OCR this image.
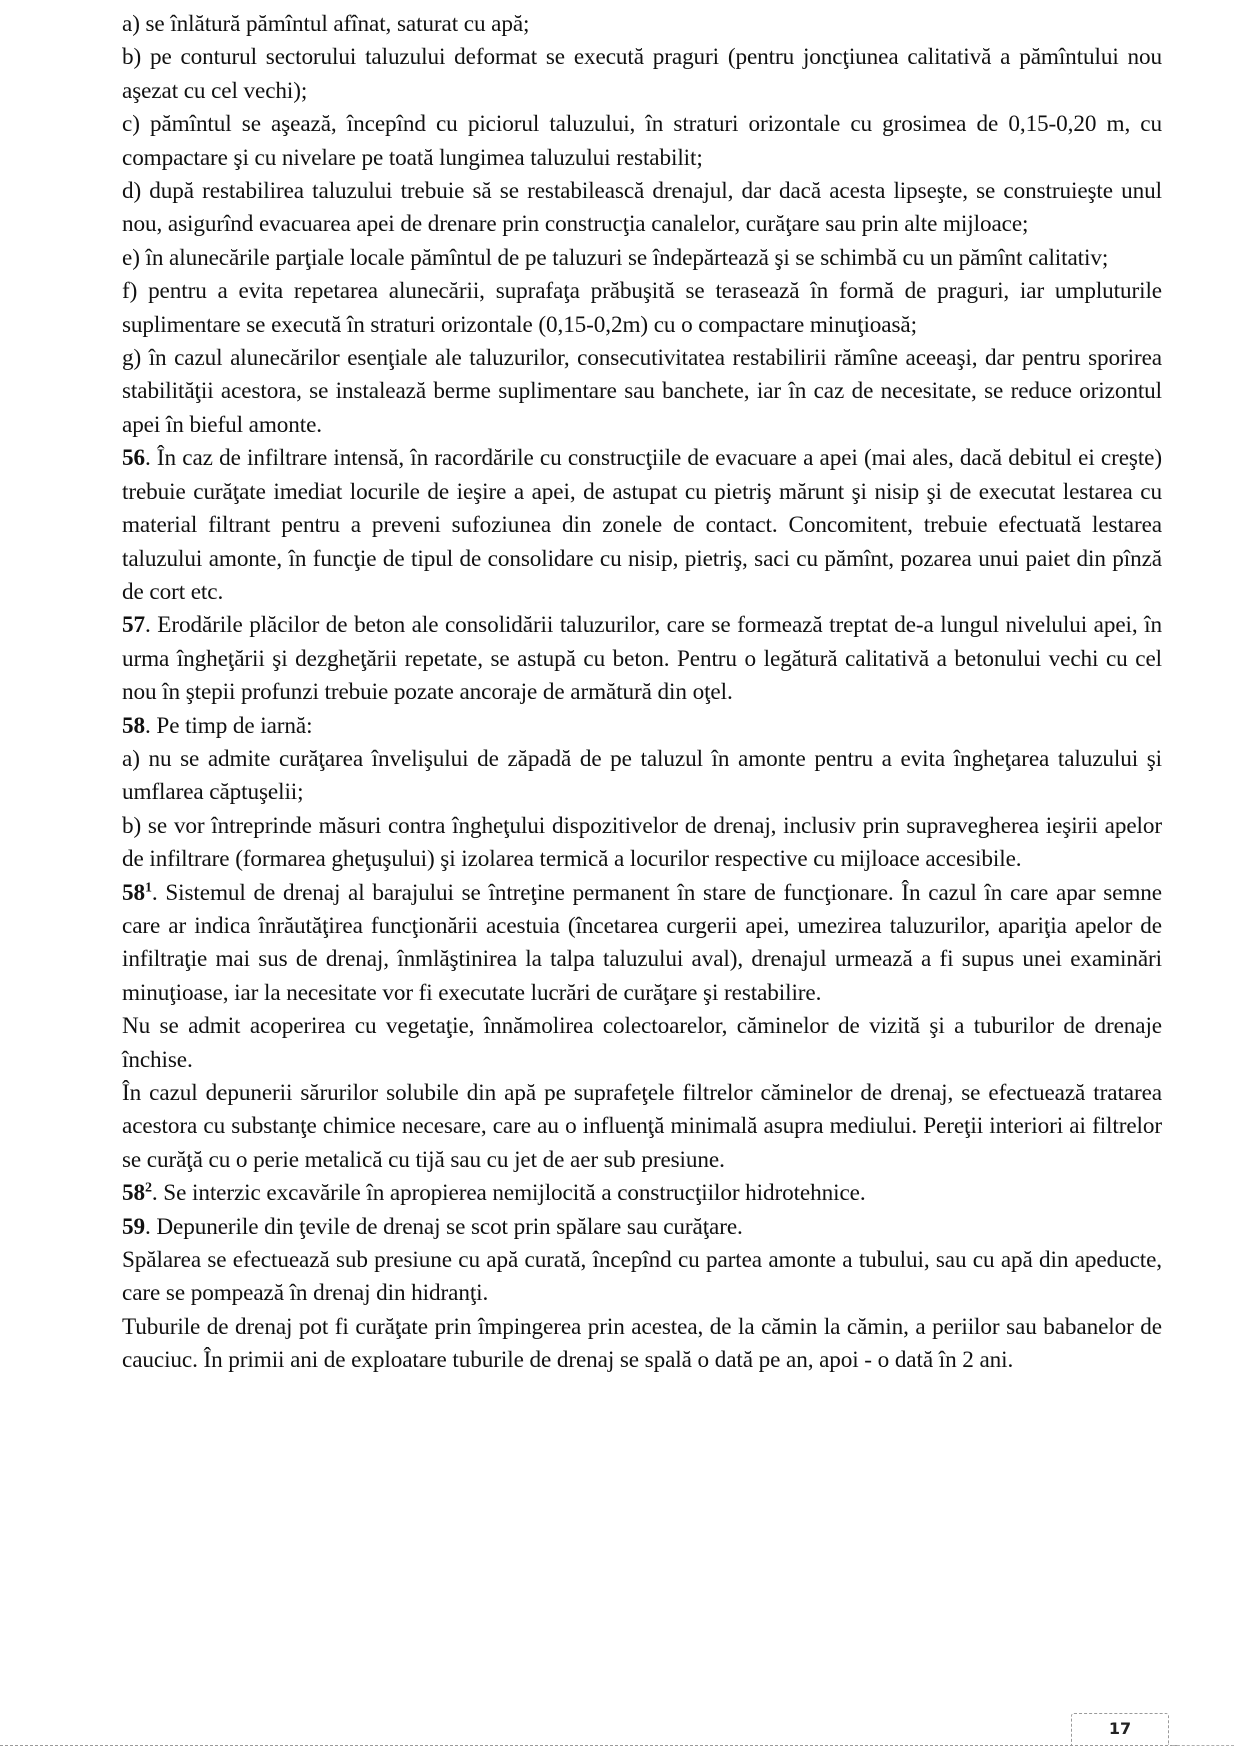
a) se înlătură pămîntul afînat, saturat cu apă;

b) pe conturul sectorului taluzului deformat se execută praguri (pentru joncţiunea calitativă a pămîntului nou aşezat cu cel vechi);

c) pămîntul se aşează, începînd cu piciorul taluzului, în straturi orizontale cu grosimea de 0,15-0,20 m, cu compactare şi cu nivelare pe toată lungimea taluzului restabilit;

d) după restabilirea taluzului trebuie să se restabilească drenajul, dar dacă acesta lipseşte, se construieşte unul nou, asigurînd evacuarea apei de drenare prin construcţia canalelor, curăţare sau prin alte mijloace;

e) în alunecările parţiale locale pămîntul de pe taluzuri se îndepărtează şi se schimbă cu un pămînt calitativ;

f) pentru a evita repetarea alunecării, suprafaţa prăbuşită se terasează în formă de praguri, iar umpluturile suplimentare se execută în straturi orizontale (0,15-0,2m) cu o compactare minuţioasă;

g) în cazul alunecărilor esenţiale ale taluzurilor, consecutivitatea restabilirii rămîne aceeaşi, dar pentru sporirea stabilităţii acestora, se instalează berme suplimentare sau banchete, iar în caz de necesitate, se reduce orizontul apei în bieful amonte.

56. În caz de infiltrare intensă, în racordările cu construcţiile de evacuare a apei (mai ales, dacă debitul ei creşte) trebuie curăţate imediat locurile de ieşire a apei, de astupat cu pietriş mărunt şi nisip şi de executat lestarea cu material filtrant pentru a preveni sufoziunea din zonele de contact. Concomitent, trebuie efectuată lestarea taluzului amonte, în funcţie de tipul de consolidare cu nisip, pietriş, saci cu pămînt, pozarea unui paiet din pînză de cort etc.

57. Erodările plăcilor de beton ale consolidării taluzurilor, care se formează treptat de-a lungul nivelului apei, în urma îngheţării şi dezgheţării repetate, se astupă cu beton. Pentru o legătură calitativă a betonului vechi cu cel nou în ştepii profunzi trebuie pozate ancoraje de armătură din oţel.

58. Pe timp de iarnă:

a) nu se admite curăţarea învelişului de zăpadă de pe taluzul în amonte pentru a evita îngheţarea taluzului şi umflarea căptuşelii;

b) se vor întreprinde măsuri contra îngheţului dispozitivelor de drenaj, inclusiv prin supravegherea ieşirii apelor de infiltrare (formarea gheţuşului) şi izolarea termică a locurilor respective cu mijloace accesibile.

$58^1$. Sistemul de drenaj al barajului se întreţine permanent în stare de funcţionare. În cazul în care apar semne care ar indica înrăutăţirea funcţionării acestuia (încetarea curgerii apei, umezirea taluzurilor, apariţia apelor de infiltraţie mai sus de drenaj, înmlăştinirea la talpa taluzului aval), drenajul urmează a fi supus unei examinări minuţioase, iar la necesitate vor fi executate lucrări de curăţare şi restabilire.

Nu se admit acoperirea cu vegetaţie, înnămolirea colectoarelor, căminelor de vizită şi a tuburilor de drenaje închise.

În cazul depunerii sărurilor solubile din apă pe suprafeţele filtrelor căminelor de drenaj, se efectuează tratarea acestora cu substanţe chimice necesare, care au o influenţă minimală asupra mediului. Pereţii interiori ai filtrelor se curăţă cu o perie metalică cu tijă sau cu jet de aer sub presiune.

$58^2$. Se interzic excavările în apropierea nemijlocită a construcţiilor hidrotehnice.

59. Depunerile din ţevile de drenaj se scot prin spălare sau curăţare.

Spălarea se efectuează sub presiune cu apă curată, începînd cu partea amonte a tubului, sau cu apă din apeducte, care se pompează în drenaj din hidranţi.

Tuburile de drenaj pot fi curăţate prin împingerea prin acestea, de la cămin la cămin, a periilor sau babanelor de cauciuc. În primii ani de exploatare tuburile de drenaj se spală o dată pe an, apoi - o dată în 2 ani.

17
